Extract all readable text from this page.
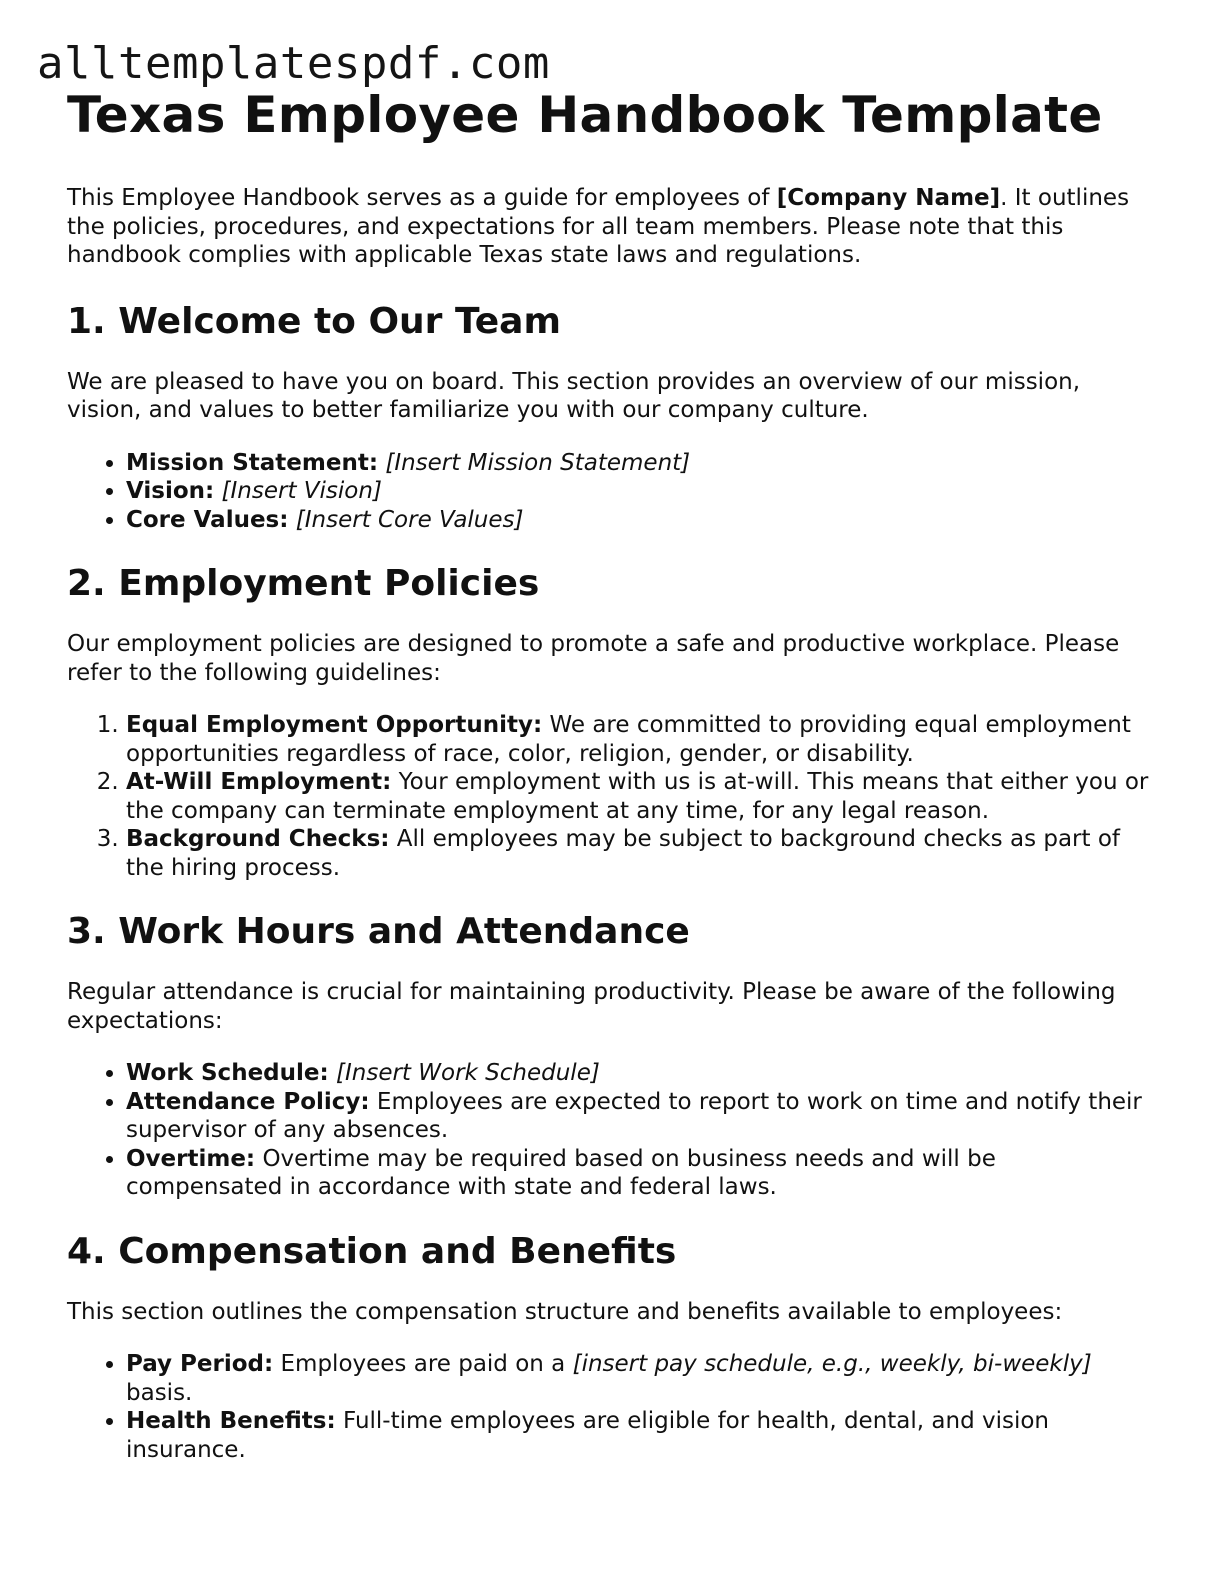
alltemplatespdf.com
Texas Employee Handbook Template

This Employee Handbook serves as a guide for employees of [Company Name]. It outlines the policies, procedures, and expectations for all team members. Please note that this handbook complies with applicable Texas state laws and regulations.

1. Welcome to Our Team

We are pleased to have you on board. This section provides an overview of our mission, vision, and values to better familiarize you with our company culture.

• Mission Statement: [Insert Mission Statement]
• Vision: [Insert Vision]
• Core Values: [Insert Core Values]
2. Employment Policies

Our employment policies are designed to promote a safe and productive workplace. Please refer to the following guidelines:

1. Equal Employment Opportunity: We are committed to providing equal employment opportunities regardless of race, color, religion, gender, or disability.
2. At-Will Employment: Your employment with us is at-will. This means that either you or the company can terminate employment at any time, for any legal reason.
3. Background Checks: All employees may be subject to background checks as part of the hiring process.
3. Work Hours and Attendance

Regular attendance is crucial for maintaining productivity. Please be aware of the following expectations:

• Work Schedule: [Insert Work Schedule]
• Attendance Policy: Employees are expected to report to work on time and notify their supervisor of any absences.
• Overtime: Overtime may be required based on business needs and will be compensated in accordance with state and federal laws.
4. Compensation and Benefits

This section outlines the compensation structure and benefits available to employees:

• Pay Period: Employees are paid on a [insert pay schedule, e.g., weekly, bi-weekly] basis.
• Health Benefits: Full-time employees are eligible for health, dental, and vision insurance.
